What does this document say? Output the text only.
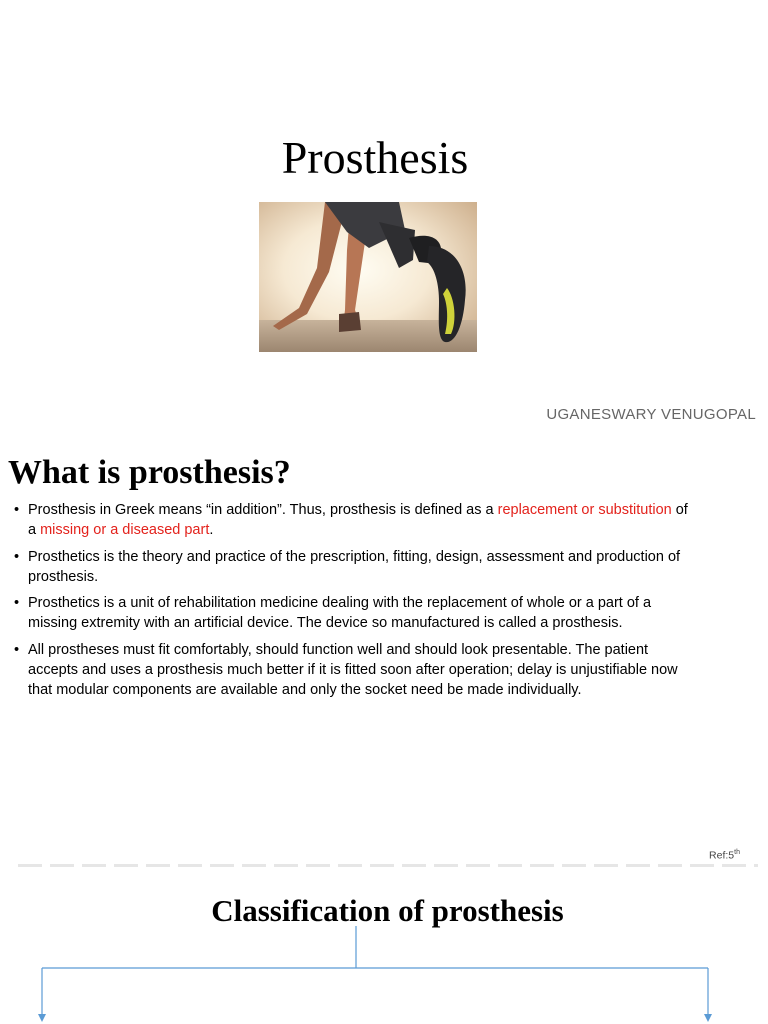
Prosthesis
UGANESWARY VENUGOPAL
What is prosthesis?
• Prosthesis in Greek means “in addition”. Thus, prosthesis is defined as a replacement or substitution of a missing or a diseased part.
• Prosthetics is the theory and practice of the prescription, fitting, design, assessment and production of prosthesis.
• Prosthetics is a unit of rehabilitation medicine dealing with the replacement of whole or a part of a missing extremity with an artificial device. The device so manufactured is called a prosthesis.
• All prostheses must fit comfortably, should function well and should look presentable. The patient accepts and uses a prosthesis much better if it is fitted soon after operation; delay is unjustifiable now that modular components are available and only the socket need be made individually.
Ref:5th
Classification of prosthesis
